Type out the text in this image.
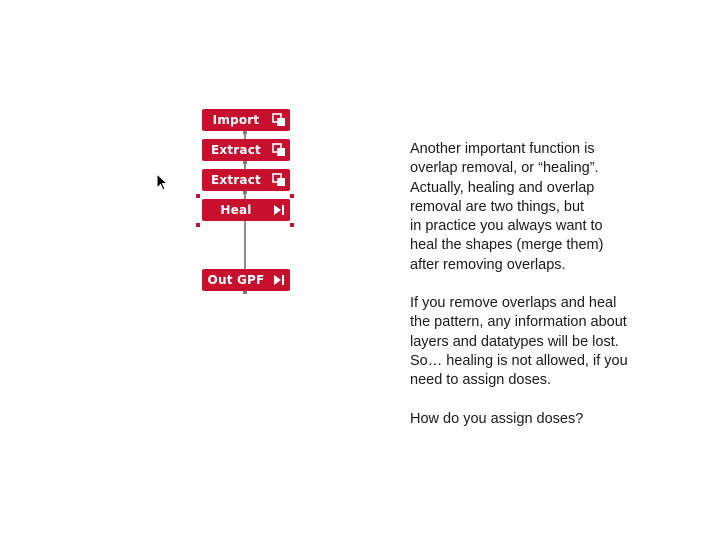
Import
Extract
Extract
Heal
Out GPF
Another important function is
overlap removal, or “healing”.
Actually, healing and overlap
removal are two things, but
in practice you always want to
heal the shapes (merge them)
after removing overlaps.
If you remove overlaps and heal
the pattern, any information about
layers and datatypes will be lost.
So… healing is not allowed, if you
need to assign doses.
How do you assign doses?
